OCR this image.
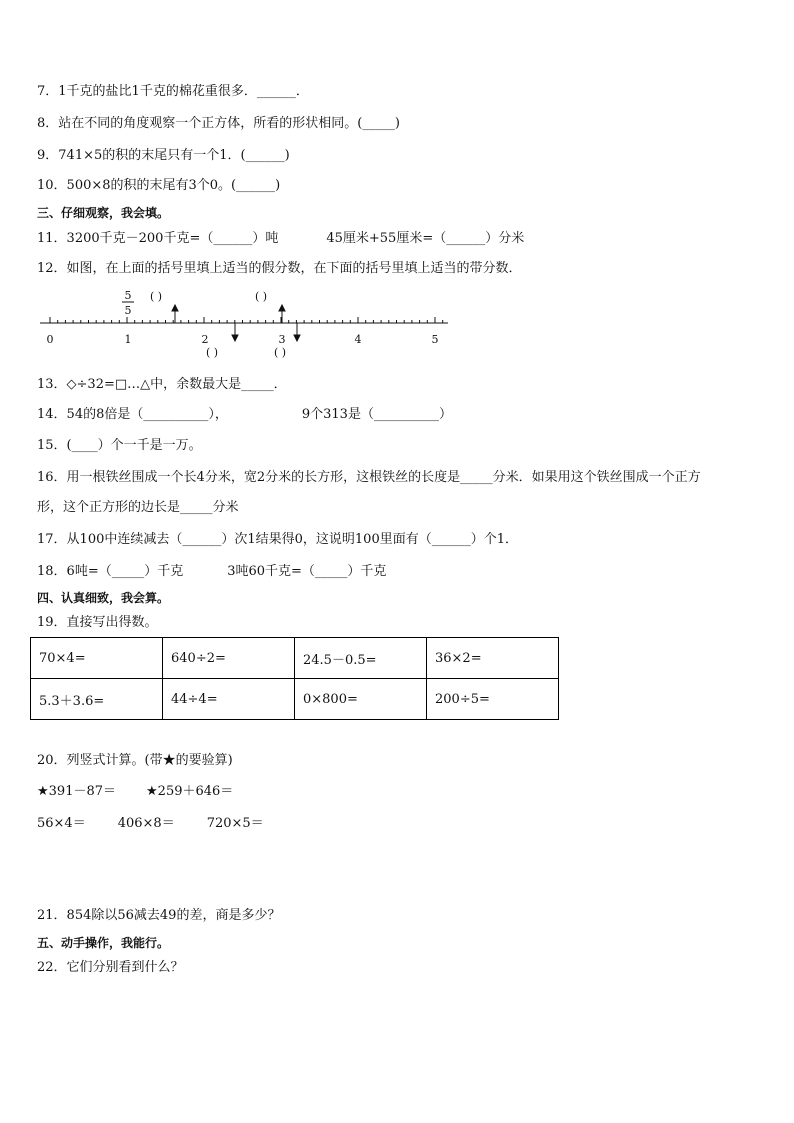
7．1千克的盐比1千克的棉花重很多．______．
8．站在不同的角度观察一个正方体，所看的形状相同。(_____)
9．741×5的积的末尾只有一个1．(______)
10．500×8的积的末尾有3个0。(______)
三、仔细观察，我会填。
11．3200千克－200千克=（______）吨	45厘米+55厘米=（______）分米
12．如图，在上面的括号里填上适当的假分数，在下面的括号里填上适当的带分数．
0	1	2	3	4	5
5
5
( )	( )
( )	( )
13．◇÷32=□…△中，余数最大是_____．
14．54的8倍是（__________），	9个313是（__________）
15．(____）个一千是一万。
16．用一根铁丝围成一个长4分米，宽2分米的长方形，这根铁丝的长度是_____分米．如果用这个铁丝围成一个正方
形，这个正方形的边长是_____分米
17．从100中连续减去（______）次1结果得0，这说明100里面有（______）个1．
18．6吨=（_____）千克	3吨60千克=（_____）千克
四、认真细致，我会算。
19．直接写出得数。
70×4=	640÷2=	24.5－0.5=	36×2=
5.3＋3.6=	44÷4=	0×800=	200÷5=
20．列竖式计算。(带★的要验算)
★391－87＝ ★259＋646＝
56×4＝ 406×8＝ 720×5＝
21．854除以56减去49的差，商是多少？
五、动手操作，我能行。
22．它们分别看到什么？
